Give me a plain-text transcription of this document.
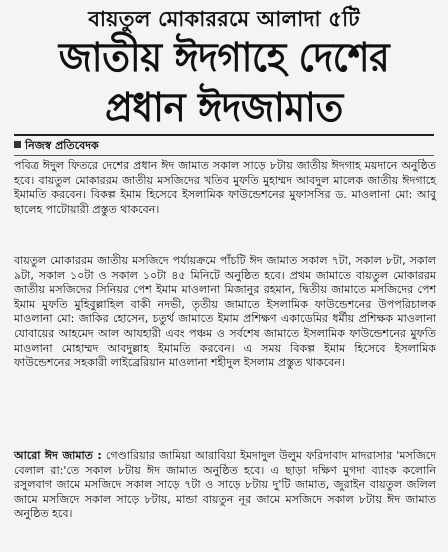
বায়তুল মোকাররমে আলাদা ৫টি
জাতীয় ঈদগাহে দেশের
প্রধান ঈদজামাত
নিজস্ব প্রতিবেদক

পবিত্র ঈদুল ফিতরে দেশের প্রধান ঈদ জামাত সকাল সাড়ে ৮টায় জাতীয় ঈদগাহ ময়দানে অনুষ্ঠিত হবে। বায়তুল মোকাররম জাতীয় মসজিদের খতিব মুফতি মুহাম্মদ আবদুল মালেক জাতীয় ঈদগাহে ইমামতি করবেন। বিকল্প ইমাম হিসেবে ইসলামিক ফাউন্ডেশনের মুফাসসির ড. মাওলানা মো: আবু ছালেহ পাটোয়ারী প্রস্তুত থাকবেন।

বায়তুল মোকাররম জাতীয় মসজিদে পর্যায়ক্রমে পাঁচটি ঈদ জামাত সকাল ৭টা, সকাল ৮টা, সকাল ৯টা, সকাল ১০টা ও সকাল ১০টা ৪৫ মিনিটে অনুষ্ঠিত হবে। প্রথম জামাতে বায়তুল মোকাররম জাতীয় মসজিদের সিনিয়র পেশ ইমাম মাওলানা মিজানুর রহমান, দ্বিতীয় জামাতে মসজিদের পেশ ইমাম মুফতি মুহিবুল্লাহিল বাকী নদভী, তৃতীয় জামাতে ইসলামিক ফাউন্ডেশনের উপপরিচালক মাওলানা মো: জাকির হোসেন, চতুর্থ জামাতে ইমাম প্রশিক্ষণ একাডেমির ধর্মীয় প্রশিক্ষক মাওলানা যোবায়ের আহমেদ আল আযহারী এবং পঞ্চম ও সর্বশেষ জামাতে ইসলামিক ফাউন্ডেশনের মুফতি মাওলানা মোহাম্মদ আবদুল্লাহ ইমামতি করবেন। এ সময় বিকল্প ইমাম হিসেবে ইসলামিক ফাউন্ডেশনের সহকারী লাইব্রেরিয়ান মাওলানা শহীদুল ইসলাম প্রস্তুত থাকবেন।

আরো ঈদ জামাত : গেণ্ডারিয়ার জামিয়া আরাবিয়া ইমদাদুল উলুম ফরিদাবাদ মাদরাসার 'মসজিদে বেলাল রা:'তে সকাল ৮টায় ঈদ জামাত অনুষ্ঠিত হবে। এ ছাড়া দক্ষিণ মুগদা ব্যাংক কলোনি রসুলবাগ জামে মসজিদে সকাল সাড়ে ৭টা ও সাড়ে ৮টায় দু'টি জামাত, জুরাইন বায়তুল জলিল জামে মসজিদে সকাল সাড়ে ৮টায়, মান্ডা বায়তুন নূর জামে মসজিদে সকাল ৮টায় ঈদ জামাত অনুষ্ঠিত হবে।
